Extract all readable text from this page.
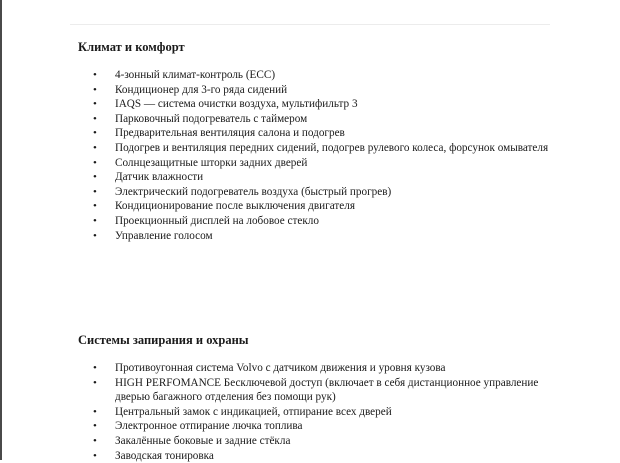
Климат и комфорт
• 4-зонный климат-контроль (ECC)
• Кондиционер для 3-го ряда сидений
• IAQS — система очистки воздуха, мультифильтр 3
• Парковочный подогреватель с таймером
• Предварительная вентиляция салона и подогрев
• Подогрев и вентиляция передних сидений, подогрев рулевого колеса, форсунок омывателя
• Солнцезащитные шторки задних дверей
• Датчик влажности
• Электрический подогреватель воздуха (быстрый прогрев)
• Кондиционирование после выключения двигателя
• Проекционный дисплей на лобовое стекло
• Управление голосом
Системы запирания и охраны
• Противоугонная система Volvo с датчиком движения и уровня кузова
• HIGH PERFOMANCE Бесключевой доступ (включает в себя дистанционное управление дверью багажного отделения без помощи рук)
• Центральный замок с индикацией, отпирание всех дверей
• Электронное отпирание лючка топлива
• Закалённые боковые и задние стёкла
• Заводская тонировка
